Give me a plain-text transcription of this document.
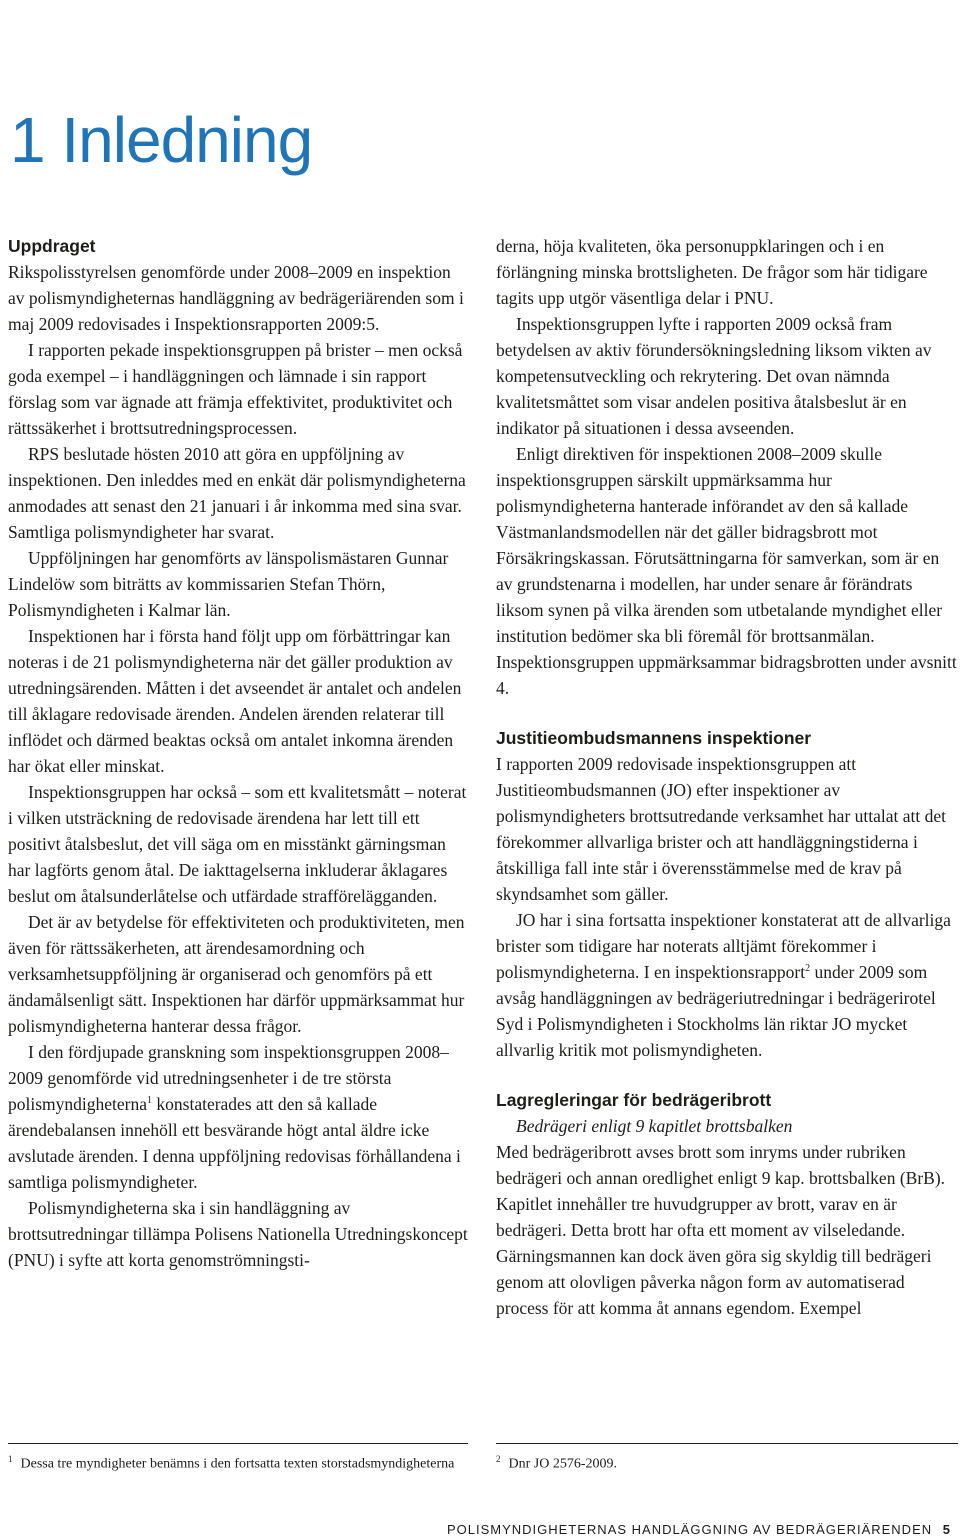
1 Inledning
Uppdraget

Rikspolisstyrelsen genomförde under 2008–2009 en inspektion av polismyndigheternas handläggning av bedrägeriärenden som i maj 2009 redovisades i Inspektionsrapporten 2009:5.

I rapporten pekade inspektionsgruppen på brister – men också goda exempel – i handläggningen och lämnade i sin rapport förslag som var ägnade att främja effektivitet, produktivitet och rättssäkerhet i brottsutredningsprocessen.

RPS beslutade hösten 2010 att göra en uppföljning av inspektionen. Den inleddes med en enkät där polismyndigheterna anmodades att senast den 21 januari i år inkomma med sina svar. Samtliga polismyndigheter har svarat.

Uppföljningen har genomförts av länspolismästaren Gunnar Lindelöw som biträtts av kommissarien Stefan Thörn, Polismyndigheten i Kalmar län.

Inspektionen har i första hand följt upp om förbättringar kan noteras i de 21 polismyndigheterna när det gäller produktion av utredningsärenden. Måtten i det avseendet är antalet och andelen till åklagare redovisade ärenden. Andelen ärenden relaterar till inflödet och därmed beaktas också om antalet inkomna ärenden har ökat eller minskat.

Inspektionsgruppen har också – som ett kvalitetsmått – noterat i vilken utsträckning de redovisade ärendena har lett till ett positivt åtalsbeslut, det vill säga om en misstänkt gärningsman har lagförts genom åtal. De iakttagelserna inkluderar åklagares beslut om åtalsunderlåtelse och utfärdade strafförelägganden.

Det är av betydelse för effektiviteten och produktiviteten, men även för rättssäkerheten, att ärendesamordning och verksamhetsuppföljning är organiserad och genomförs på ett ändamålsenligt sätt. Inspektionen har därför uppmärksammat hur polismyndigheterna hanterar dessa frågor.

I den fördjupade granskning som inspektionsgruppen 2008–2009 genomförde vid utredningsenheter i de tre största polismyndigheterna$^1$ konstaterades att den så kallade ärendebalansen innehöll ett besvärande högt antal äldre icke avslutade ärenden. I denna uppföljning redovisas förhållandena i samtliga polismyndigheter.

Polismyndigheterna ska i sin handläggning av brottsutredningar tillämpa Polisens Nationella Utredningskoncept (PNU) i syfte att korta genomströmningsti-

derna, höja kvaliteten, öka personuppklaringen och i en förlängning minska brottsligheten. De frågor som här tidigare tagits upp utgör väsentliga delar i PNU.

Inspektionsgruppen lyfte i rapporten 2009 också fram betydelsen av aktiv förundersökningsledning liksom vikten av kompetensutveckling och rekrytering. Det ovan nämnda kvalitetsmåttet som visar andelen positiva åtalsbeslut är en indikator på situationen i dessa avseenden.

Enligt direktiven för inspektionen 2008–2009 skulle inspektionsgruppen särskilt uppmärksamma hur polismyndigheterna hanterade införandet av den så kallade Västmanlandsmodellen när det gäller bidragsbrott mot Försäkringskassan. Förutsättningarna för samverkan, som är en av grundstenarna i modellen, har under senare år förändrats liksom synen på vilka ärenden som utbetalande myndighet eller institution bedömer ska bli föremål för brottsanmälan. Inspektionsgruppen uppmärksammar bidragsbrotten under avsnitt 4.

Justitieombudsmannens inspektioner

I rapporten 2009 redovisade inspektionsgruppen att Justitieombudsmannen (JO) efter inspektioner av polismyndigheters brottsutredande verksamhet har uttalat att det förekommer allvarliga brister och att handläggningstiderna i åtskilliga fall inte står i överensstämmelse med de krav på skyndsamhet som gäller.

JO har i sina fortsatta inspektioner konstaterat att de allvarliga brister som tidigare har noterats alltjämt förekommer i polismyndigheterna. I en inspektionsrapport$^2$ under 2009 som avsåg handläggningen av bedrägeriutredningar i bedrägerirotel Syd i Polismyndigheten i Stockholms län riktar JO mycket allvarlig kritik mot polismyndigheten.

Lagregleringar för bedrägeribrott

Bedrägeri enligt 9 kapitlet brottsbalken

Med bedrägeribrott avses brott som inryms under rubriken bedrägeri och annan oredlighet enligt 9 kap. brottsbalken (BrB). Kapitlet innehåller tre huvudgrupper av brott, varav en är bedrägeri. Detta brott har ofta ett moment av vilseledande. Gärningsmannen kan dock även göra sig skyldig till bedrägeri genom att olovligen påverka någon form av automatiserad process för att komma åt annans egendom. Exempel

$^1$ Dessa tre myndigheter benämns i den fortsatta texten storstadsmyndigheterna	$^2$ Dnr JO 2576-2009.
POLISMYNDIGHETERNAS HANDLÄGGNING AV BEDRÄGERIÄRENDEN 5
